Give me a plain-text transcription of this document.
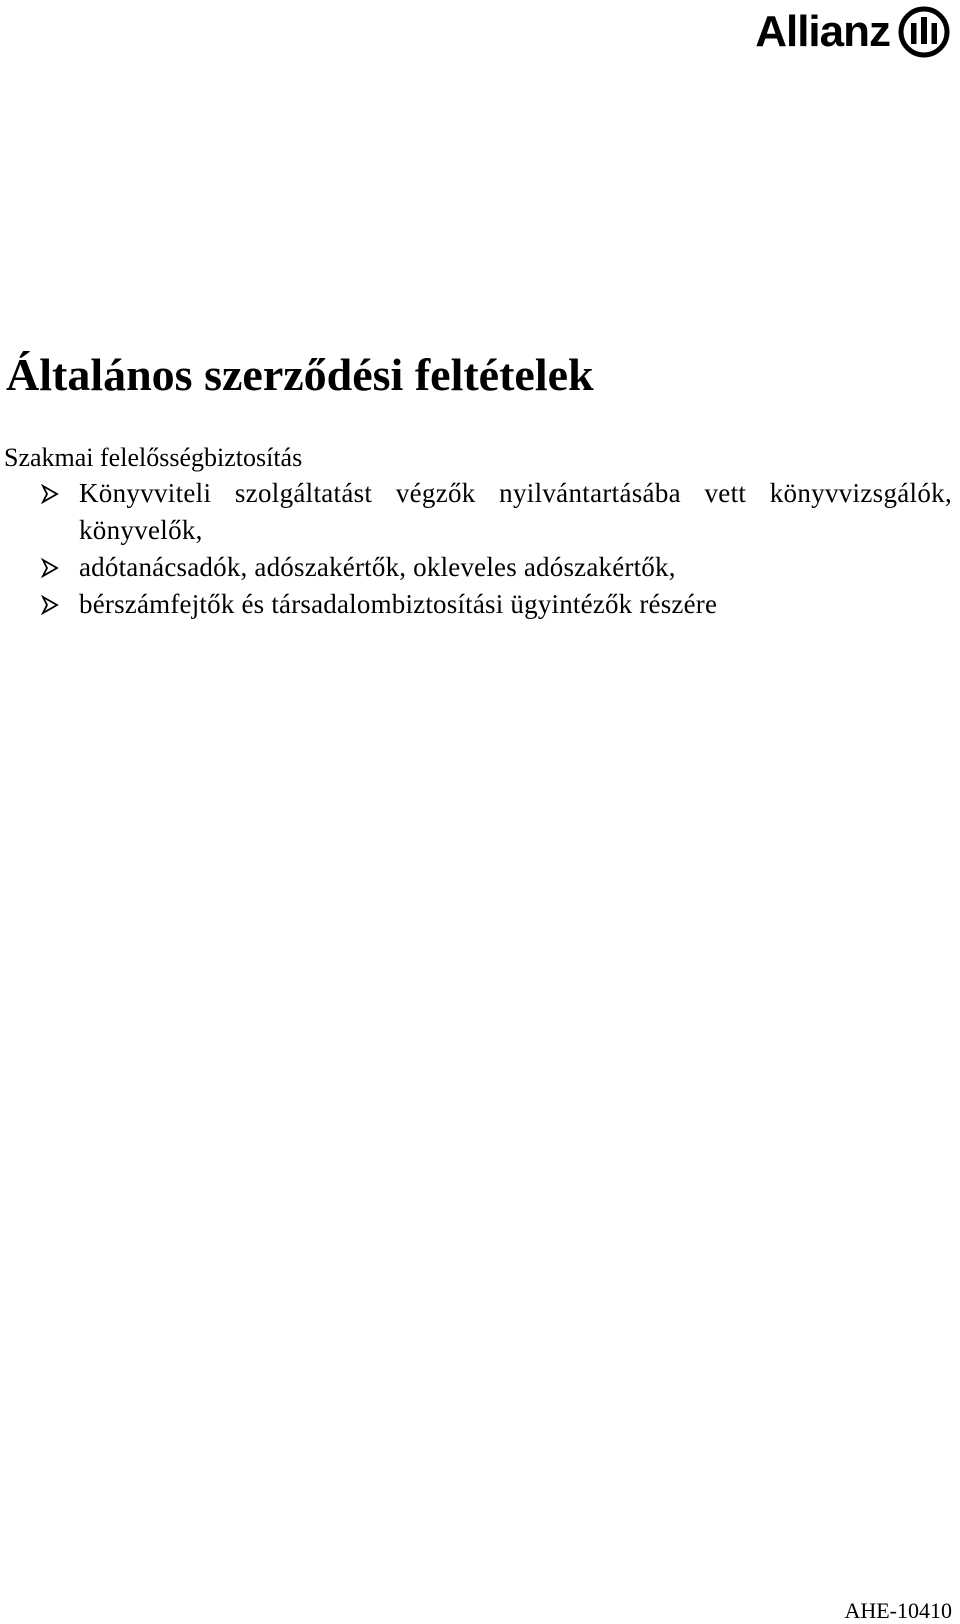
Allianz
Általános szerződési feltételek

Szakmai felelősségbiztosítás

Könyvviteli szolgáltatást végzők nyilvántartásába vett könyvvizsgálók, könyvelők,
adótanácsadók, adószakértők, okleveles adószakértők,
bérszámfejtők és társadalombiztosítási ügyintézők részére
AHE-10410
